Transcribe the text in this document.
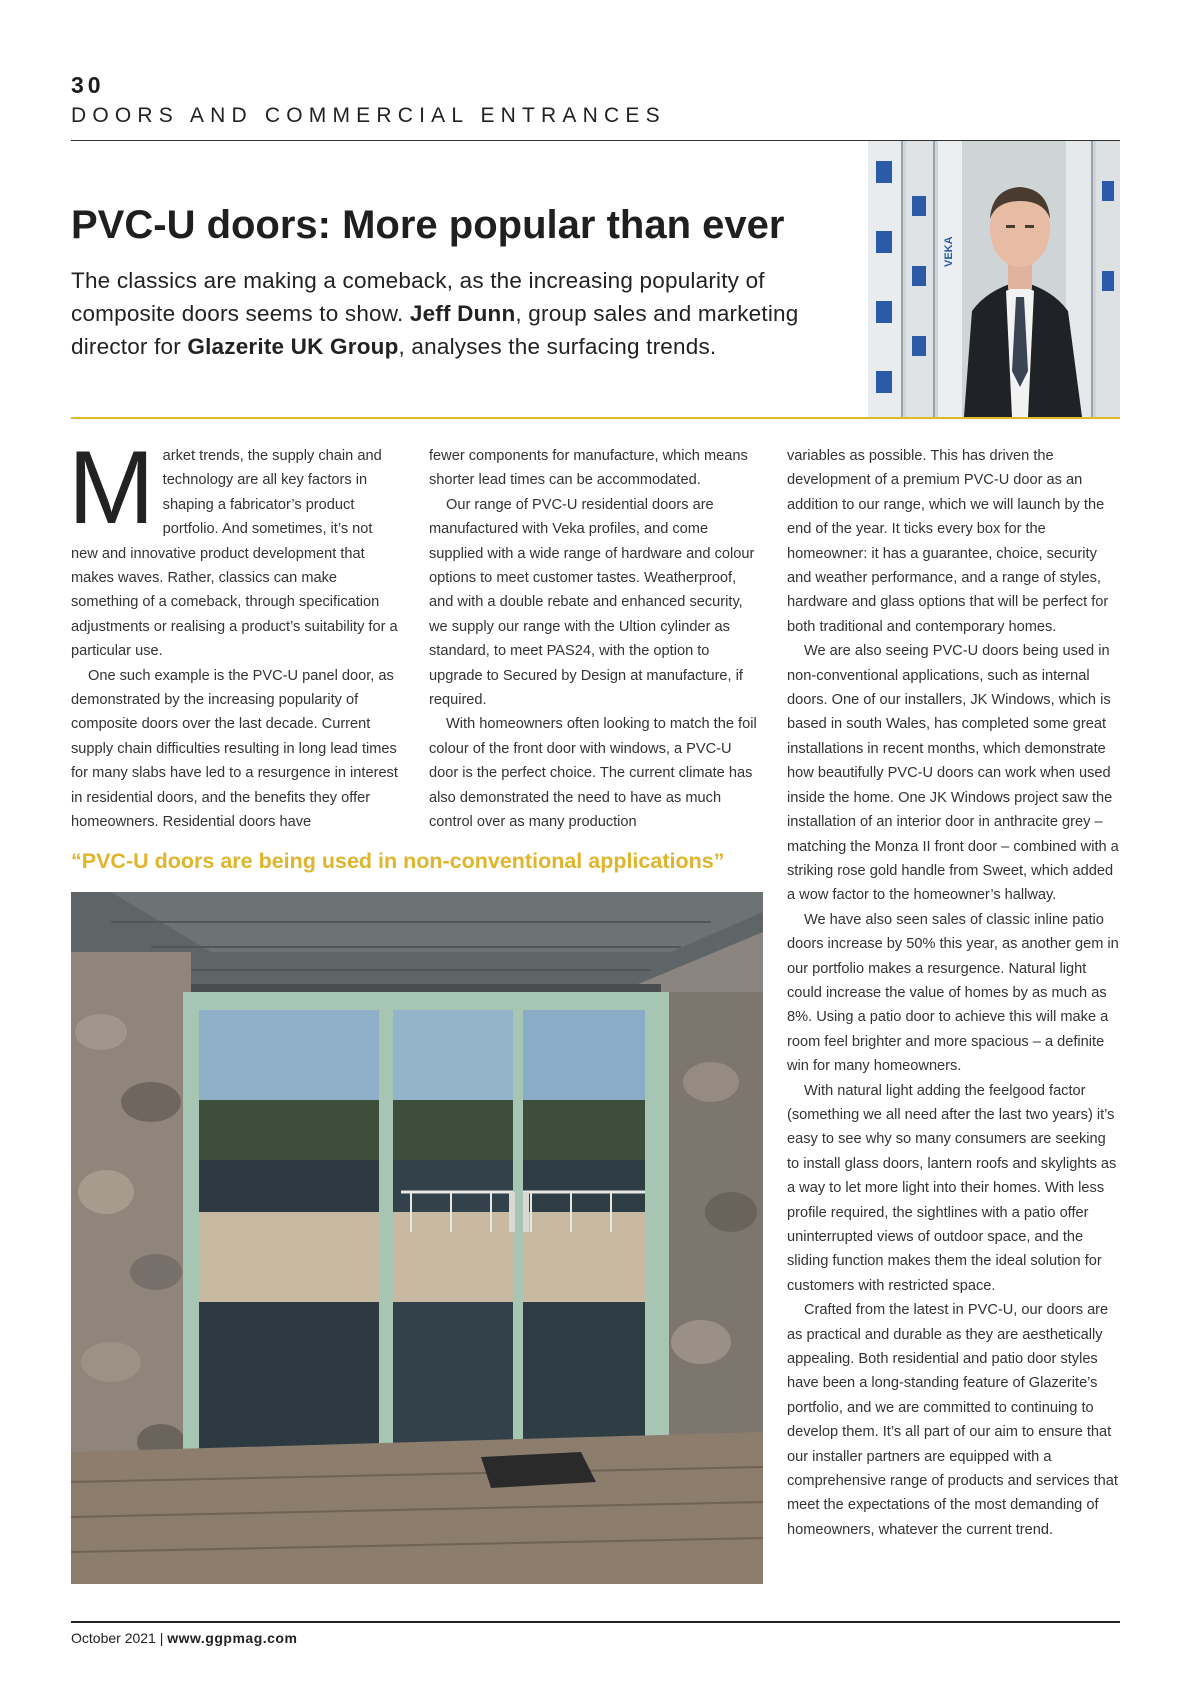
30
DOORS AND COMMERCIAL ENTRANCES
VEKA
PVC-U doors: More popular than ever
The classics are making a comeback, as the increasing popularity of composite doors seems to show. Jeff Dunn, group sales and marketing director for Glazerite UK Group, analyses the surfacing trends.

Market trends, the supply chain and technology are all key factors in shaping a fabricator’s product portfolio. And sometimes, it’s not new and innovative product development that makes waves. Rather, classics can make something of a comeback, through specification adjustments or realising a product’s suitability for a particular use.

One such example is the PVC-U panel door, as demonstrated by the increasing popularity of composite doors over the last decade. Current supply chain difficulties resulting in long lead times for many slabs have led to a resurgence in interest in residential doors, and the benefits they offer homeowners. Residential doors have

fewer components for manufacture, which means shorter lead times can be accommodated.

Our range of PVC-U residential doors are manufactured with Veka profiles, and come supplied with a wide range of hardware and colour options to meet customer tastes. Weatherproof, and with a double rebate and enhanced security, we supply our range with the Ultion cylinder as standard, to meet PAS24, with the option to upgrade to Secured by Design at manufacture, if required.

With homeowners often looking to match the foil colour of the front door with windows, a PVC-U door is the perfect choice. The current climate has also demonstrated the need to have as much control over as many production

variables as possible. This has driven the development of a premium PVC-U door as an addition to our range, which we will launch by the end of the year. It ticks every box for the homeowner: it has a guarantee, choice, security and weather performance, and a range of styles, hardware and glass options that will be perfect for both traditional and contemporary homes.

We are also seeing PVC-U doors being used in non-conventional applications, such as internal doors. One of our installers, JK Windows, which is based in south Wales, has completed some great installations in recent months, which demonstrate how beautifully PVC-U doors can work when used inside the home. One JK Windows project saw the installation of an interior door in anthracite grey – matching the Monza II front door – combined with a striking rose gold handle from Sweet, which added a wow factor to the homeowner’s hallway.

We have also seen sales of classic inline patio doors increase by 50% this year, as another gem in our portfolio makes a resurgence. Natural light could increase the value of homes by as much as 8%. Using a patio door to achieve this will make a room feel brighter and more spacious – a definite win for many homeowners.

With natural light adding the feelgood factor (something we all need after the last two years) it’s easy to see why so many consumers are seeking to install glass doors, lantern roofs and skylights as a way to let more light into their homes. With less profile required, the sightlines with a patio offer uninterrupted views of outdoor space, and the sliding function makes them the ideal solution for customers with restricted space.

Crafted from the latest in PVC-U, our doors are as practical and durable as they are aesthetically appealing. Both residential and patio door styles have been a long-standing feature of Glazerite’s portfolio, and we are committed to continuing to develop them. It’s all part of our aim to ensure that our installer partners are equipped with a comprehensive range of products and services that meet the expectations of the most demanding of homeowners, whatever the current trend.

“PVC-U doors are being used in non-conventional applications”
October 2021 | www.ggpmag.com
